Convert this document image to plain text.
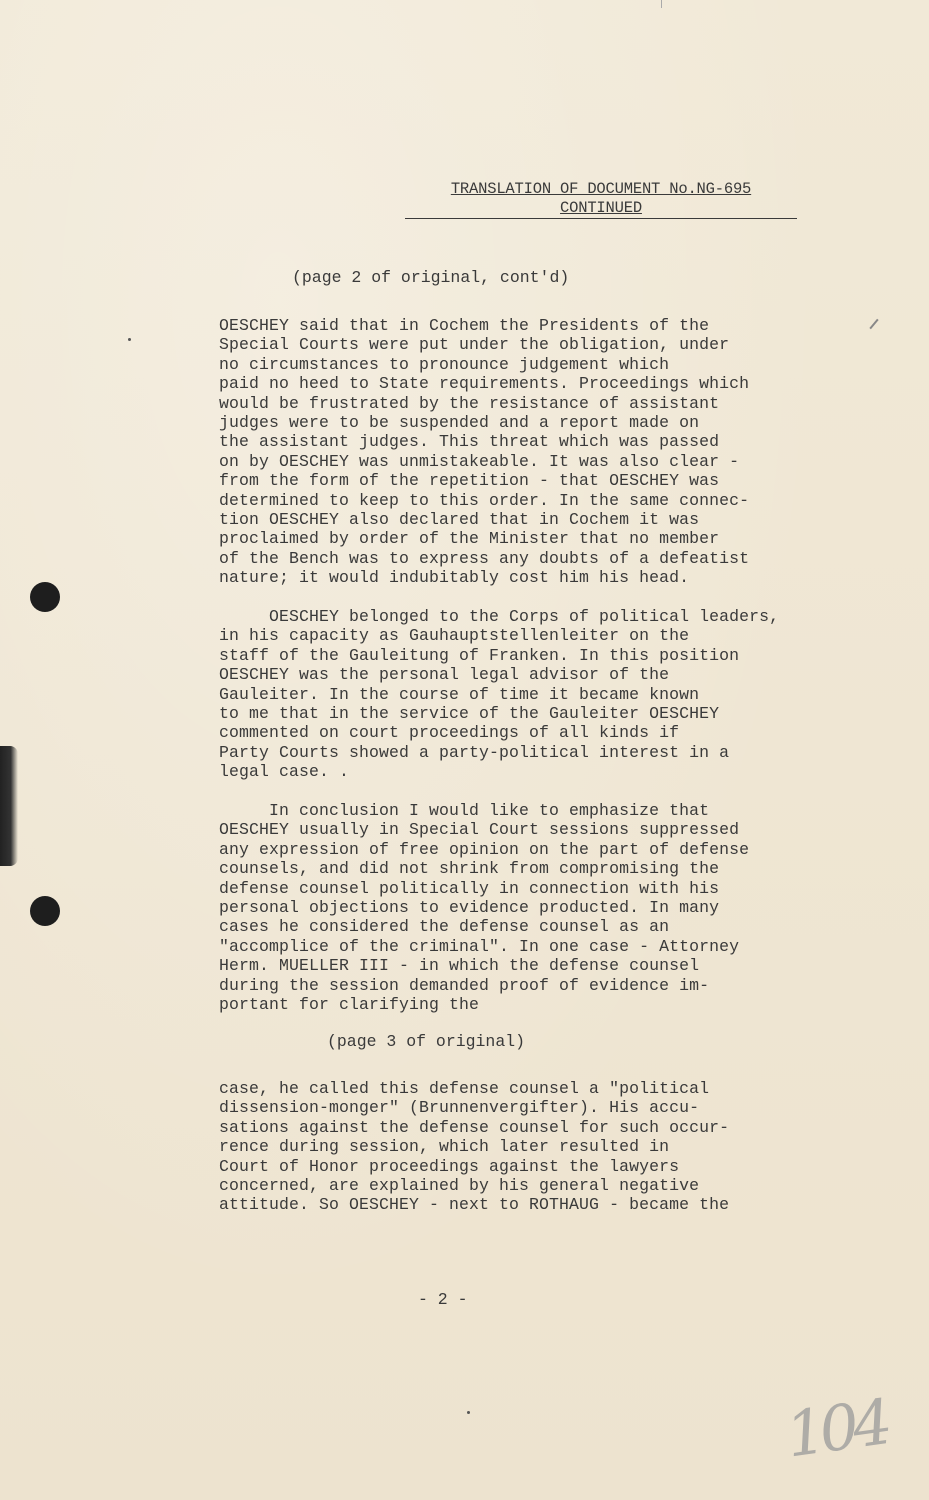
TRANSLATION OF DOCUMENT No.NG-695
CONTINUED
(page 2 of original, cont'd)
OESCHEY said that in Cochem the Presidents of the
Special Courts were put under the obligation, under
no circumstances to pronounce judgement which
paid no heed to State requirements. Proceedings which
would be frustrated by the resistance of assistant
judges were to be suspended and a report made on
the assistant judges. This threat which was passed
on by OESCHEY was unmistakeable. It was also clear -
from the form of the repetition - that OESCHEY was
determined to keep to this order. In the same connec-
tion OESCHEY also declared that in Cochem it was
proclaimed by order of the Minister that no member
of the Bench was to express any doubts of a defeatist
nature; it would indubitably cost him his head.
OESCHEY belonged to the Corps of political leaders,
in his capacity as Gauhauptstellenleiter on the
staff of the Gauleitung of Franken. In this position
OESCHEY was the personal legal advisor of the
Gauleiter. In the course of time it became known
to me that in the service of the Gauleiter OESCHEY
commented on court proceedings of all kinds if
Party Courts showed a party-political interest in a
legal case. .
In conclusion I would like to emphasize that
OESCHEY usually in Special Court sessions suppressed
any expression of free opinion on the part of defense
counsels, and did not shrink from compromising the
defense counsel politically in connection with his
personal objections to evidence producted. In many
cases he considered the defense counsel as an
"accomplice of the criminal". In one case - Attorney
Herm. MUELLER III - in which the defense counsel
during the session demanded proof of evidence im-
portant for clarifying the
(page 3 of original)
case, he called this defense counsel a "political
dissension-monger" (Brunnenvergifter). His accu-
sations against the defense counsel for such occur-
rence during session, which later resulted in
Court of Honor proceedings against the lawyers
concerned, are explained by his general negative
attitude. So OESCHEY - next to ROTHAUG - became the
- 2 -
104
